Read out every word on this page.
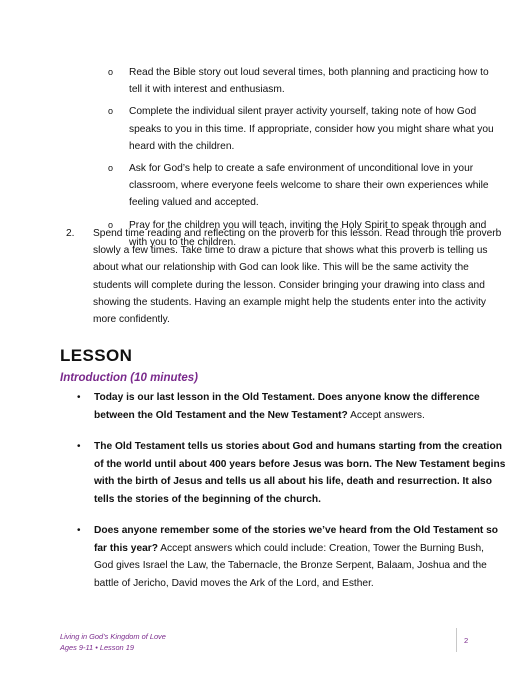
o Read the Bible story out loud several times, both planning and practicing how to tell it with interest and enthusiasm.
o Complete the individual silent prayer activity yourself, taking note of how God speaks to you in this time. If appropriate, consider how you might share what you heard with the children.
o Ask for God’s help to create a safe environment of unconditional love in your classroom, where everyone feels welcome to share their own experiences while feeling valued and accepted.
o Pray for the children you will teach, inviting the Holy Spirit to speak through and with you to the children.
2.	Spend time reading and reflecting on the proverb for this lesson. Read through the proverb slowly a few times. Take time to draw a picture that shows what this proverb is telling us about what our relationship with God can look like. This will be the same activity the students will complete during the lesson. Consider bringing your drawing into class and showing the students. Having an example might help the students enter into the activity more confidently.
LESSON
Introduction (10 minutes)
• Today is our last lesson in the Old Testament. Does anyone know the difference between the Old Testament and the New Testament? Accept answers.
• The Old Testament tells us stories about God and humans starting from the creation of the world until about 400 years before Jesus was born. The New Testament begins with the birth of Jesus and tells us all about his life, death and resurrection. It also tells the stories of the beginning of the church.
• Does anyone remember some of the stories we’ve heard from the Old Testament so far this year? Accept answers which could include: Creation, Tower the Burning Bush, God gives Israel the Law, the Tabernacle, the Bronze Serpent, Balaam, Joshua and the battle of Jericho, David moves the Ark of the Lord, and Esther.
Living in God’s Kingdom of Love
Ages 9-11 • Lesson 19
2
